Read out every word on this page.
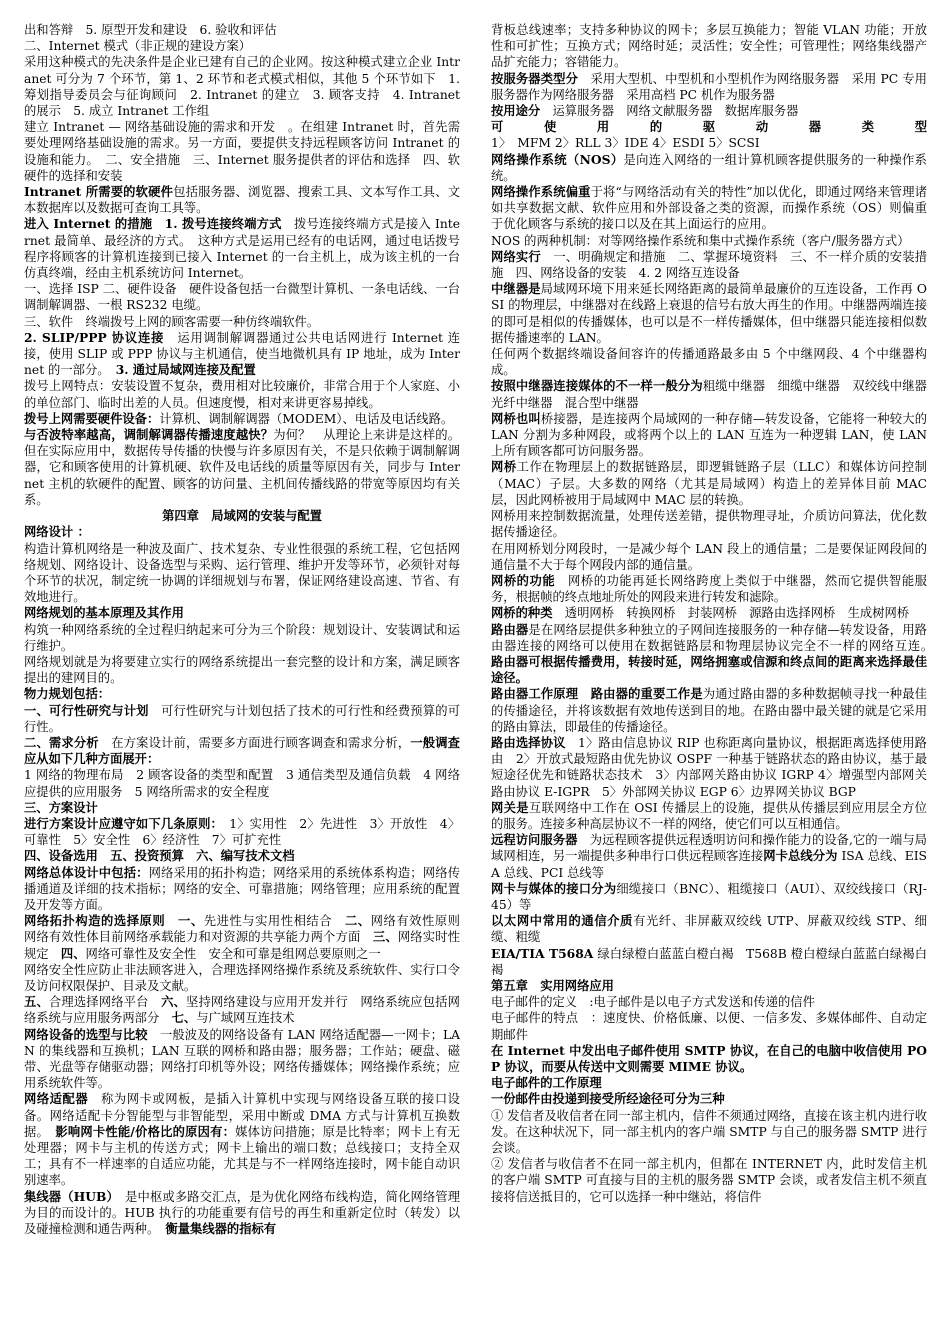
出和答辩　5. 原型开发和建设　6. 验收和评估

二、Internet 模式（非正规的建设方案）

采用这种模式的先决条件是企业已建有自己的企业网。按这种模式建立企业 Intranet 可分为 7 个环节，第 1、2 环节和老式模式相似，其他 5 个环节如下　1. 筹划指导委员会与征询顾问　2. Intranet 的建立　3. 顾客支持　4. Intranet 的展示　5. 成立 Intranet 工作组

建立 Intranet — 网络基础设施的需求和开发　。在组建 Intranet 时，首先需要处理网络基础设施的需求。另一方面，要提供支持远程顾客访问 Intranet 的设施和能力。　二、安全措施　三、Internet 服务提供者的评估和选择　四、软硬件的选择和安装

Intranet 所需要的软硬件包括服务器、浏览器、搜索工具、文本写作工具、文本数据库以及数据可查询工具等。

进入 Internet 的措施　1. 拨号连接终端方式　拨号连接终端方式是接入 Internet 最简单、最经济的方式。　这种方式是运用已经有的电话网，通过电话拨号程序将顾客的计算机连接到已接入 Internet 的一台主机上，成为该主机的一台仿真终端，经由主机系统访问 Internet。

一、选择 ISP 二、硬件设备　硬件设备包括一台微型计算机、一条电话线、一台调制解调器、一根 RS232 电缆。

三、软件　终端拨号上网的顾客需要一种仿终端软件。

2. SLIP/PPP 协议连接　运用调制解调器通过公共电话网进行 Internet 连接，使用 SLIP 或 PPP 协议与主机通信，使当地微机具有 IP 地址，成为 Internet 的一部分。　3. 通过局域网连接及配置

拨号上网特点：安装设置不复杂，费用相对比较廉价，非常合用于个人家庭、小的单位部门、临时出差的人员。但速度慢，相对来讲更容易掉线。

拨号上网需要硬件设备：计算机、调制解调器（MODEM）、电话及电话线路。

与否波特率越高，调制解调器传播速度越快？为何？　从理论上来讲是这样的。但在实际应用中，数据传导传播的快慢与许多原因有关，不是只依赖于调制解调器，它和顾客使用的计算机硬、软件及电话线的质量等原因有关，同步与 Internet 主机的软硬件的配置、顾客的访问量、主机间传播线路的带宽等原因均有关系。

第四章　局域网的安装与配置

网络设计 ：

构造计算机网络是一种波及面广、技术复杂、专业性很强的系统工程，它包括网络规划、网络设计、设备选型与采购、运行管理、维护开发等环节，必须针对每个环节的状况，制定统一协调的详细规划与布署，保证网络建设高速、节省、有效地进行。

网络规划的基本原理及其作用

构筑一种网络系统的全过程归纳起来可分为三个阶段：规划设计、安装调试和运行维护。

网络规划就是为将要建立实行的网络系统提出一套完整的设计和方案，满足顾客提出的建网目的。

物力规划包括：

一、可行性研究与计划　可行性研究与计划包括了技术的可行性和经费预算的可行性。

二、需求分析　在方案设计前，需要多方面进行顾客调查和需求分析，一般调查应从如下几种方面展开：

1 网络的物理布局　2 顾客设备的类型和配置　3 通信类型及通信负载　4 网络应提供的应用服务　5 网络所需求的安全程度

三、方案设计

进行方案设计应遵守如下几条原则：　1〉实用性　2〉先进性　3〉开放性　4〉可靠性　5〉安全性　6〉经济性　7〉可扩充性

四、设备选用　五、投资预算　六、编写技术文档

网络总体设计中包括：网络采用的拓扑构造；网络采用的系统体系构造；网络传播通道及详细的技术指标；网络的安全、可靠措施；网络管理；应用系统的配置及开发等方面。

网络拓扑构造的选择原则　一、先进性与实用性相结合　二、网络有效性原则　网络有效性体目前网络承载能力和对资源的共享能力两个方面　三、网络实时性规定　四、网络可靠性及安全性　安全和可靠是组网总要原则之一

网络安全性应防止非法顾客进入，合理选择网络操作系统及系统软件、实行口令及访问权限保护、目录及文献。

五、合理选择网络平台　六、坚持网络建设与应用开发并行　网络系统应包括网络系统与应用服务两部分　七、与广域网互连技术

网络设备的选型与比较　一般波及的网络设备有 LAN 网络适配器—一网卡；LAN 的集线器和互换机；LAN 互联的网桥和路由器；服务器；工作站；硬盘、磁带、光盘等存储驱动器；网络打印机等外设；网络传播媒体；网络操作系统；应用系统软件等。

网络适配器　称为网卡或网板，是插入计算机中实现与网络设备互联的接口设备。网络适配卡分智能型与非智能型，采用中断或 DMA 方式与计算机互换数据。　影响网卡性能/价格比的原因有：媒体访问措施；原是比特率；网卡上有无处理器；网卡与主机的传送方式；网卡上输出的端口数；总线接口；支持全双工；具有不一样速率的自适应功能，尤其是与不一样网络连接时，网卡能自动识别速率。

集线器（HUB）　是中枢或多路交汇点，是为优化网络布线构造，简化网络管理为目的而设计的。HUB 执行的功能重要有信号的再生和重新定位时（转发）以及碰撞检测和通告两种。　衡量集线器的指标有

背板总线速率；支持多种协议的网卡；多层互换能力；智能 VLAN 功能；开放性和可扩性；互换方式；网络时延；灵活性；安全性；可管理性；网络集线器产品扩充能力；容错能力。

按服务器类型分　采用大型机、中型机和小型机作为网络服务器　采用 PC 专用服务器作为网络服务器　采用高档 PC 机作为服务器

按用途分　运算服务器　网络文献服务器　数据库服务器

可 使 用 的 驱 动 器 类 型

1〉　MFM 2〉RLL 3〉IDE 4〉ESDI 5〉SCSI

网络操作系统（NOS）是向连入网络的一组计算机顾客提供服务的一种操作系统。

网络操作系统偏重于将“与网络活动有关的特性”加以优化，即通过网络来管理诸如共享数据文献、软件应用和外部设备之类的资源，而操作系统（OS）则偏重于优化顾客与系统的接口以及在其上面运行的应用。

NOS 的两种机制：对等网络操作系统和集中式操作系统（客户/服务器方式）

网络实行　一、明确规定和措施　二、掌握环境资料　三、不一样介质的安装措施　四、网络设备的安装　4. 2 网络互连设备

中继器是局域网环境下用来延长网络距离的最简单最廉价的互连设备，工作再 OSI 的物理层，中继器对在线路上衰退的信号右放大再生的作用。中继器两端连接的即可是相似的传播媒体，也可以是不一样传播媒体，但中继器只能连接相似数据传播速率的 LAN。

任何两个数据终端设备间容许的传播通路最多由 5 个中继网段、4 个中继器构成。

按照中继器连接媒体的不一样一般分为粗缆中继器　细缆中继器　双绞线中继器　光纤中继器　混合型中继器

网桥也叫桥接器，是连接两个局域网的一种存储—转发设备，它能将一种较大的 LAN 分割为多种网段，或将两个以上的 LAN 互连为一种逻辑 LAN，使 LAN 上所有顾客都可访问服务器。

网桥工作在物理层上的数据链路层，即逻辑链路子层（LLC）和媒体访问控制（MAC）子层。大多数的网络（尤其是局域网）构造上的差异体目前 MAC 层，因此网桥被用于局域网中 MAC 层的转换。

网桥用来控制数据流量，处理传送差错，提供物理寻址，介质访问算法，优化数据传播途径。

在用网桥划分网段时，一是减少每个 LAN 段上的通信量；二是要保证网段间的通信量不大于每个网段内部的通信量。

网桥的功能　网桥的功能再延长网络跨度上类似于中继器，然而它提供智能服务，根据帧的终点地址所处的网段来进行转发和滤除。

网桥的种类　透明网桥　转换网桥　封装网桥　源路由选择网桥　生成树网桥

路由器是在网络层提供多种独立的子网间连接服务的一种存储—转发设备，用路由器连接的网络可以使用在数据链路层和物理层协议完全不一样的网络互连。　路由器可根据传播费用，转接时延，网络拥塞或信源和终点间的距离来选择最佳途径。

路由器工作原理　 路由器的重要工作是为通过路由器的多种数据帧寻找一种最佳的传播途径，并将该数据有效地传送到目的地。在路由器中最关键的就是它采用的路由算法，即最佳的传播途径。

路由选择协议　1〉路由信息协议 RIP 也称距离向量协议，根据距离选择使用路由　2〉开放式最短路由优先协议 OSPF 一种基于链路状态的路由协议，基于最短途径优先和链路状态技术　3〉内部网关路由协议 IGRP 4〉增强型内部网关路由协议 E-IGPR　5〉外部网关协议 EGP 6〉边界网关协议 BGP

网关是互联网络中工作在 OSI 传播层上的设施，提供从传播层到应用层全方位的服务。连接多种高层协议不一样的网络，使它们可以互相通信。

远程访问服务器　为远程顾客提供远程透明访问和操作能力的设备,它的一端与局域网相连，另一端提供多种串行口供远程顾客连接网卡总线分为 ISA 总线、EISA 总线、PCI 总线等

网卡与媒体的接口分为细缆接口（BNC）、粗缆接口（AUI）、双绞线接口（RJ-45）等

以太网中常用的通信介质有光纤、非屏蔽双绞线 UTP、屏蔽双绞线 STP、细缆、粗缆

EIA/TIA T568A 绿白绿橙白蓝蓝白橙白褐　T568B 橙白橙绿白蓝蓝白绿褐白褐

第五章　实用网络应用

电子邮件的定义　:电子邮件是以电子方式发送和传递的信件

电子邮件的特点　：速度快、价格低廉、以便、一信多发、多媒体邮件、自动定期邮件

在 Internet 中发出电子邮件使用 SMTP 协议，在自己的电脑中收信使用 POP 协议，而要从传送中文则需要 MIME 协议。

电子邮件的工作原理

一份邮件由投递到接受所经途径可分为三种

① 发信者及收信者在同一部主机内，信件不须通过网络，直接在该主机内进行收发。在这种状况下，同一部主机内的客户端 SMTP 与自己的服务器 SMTP 进行会谈。

② 发信者与收信者不在同一部主机内，但都在 INTERNET 内，此时发信主机的客户端 SMTP 可直接与目的主机的服务器 SMTP 会谈，或者发信主机不须直接将信送抵目的，它可以选择一种中继站，将信件
